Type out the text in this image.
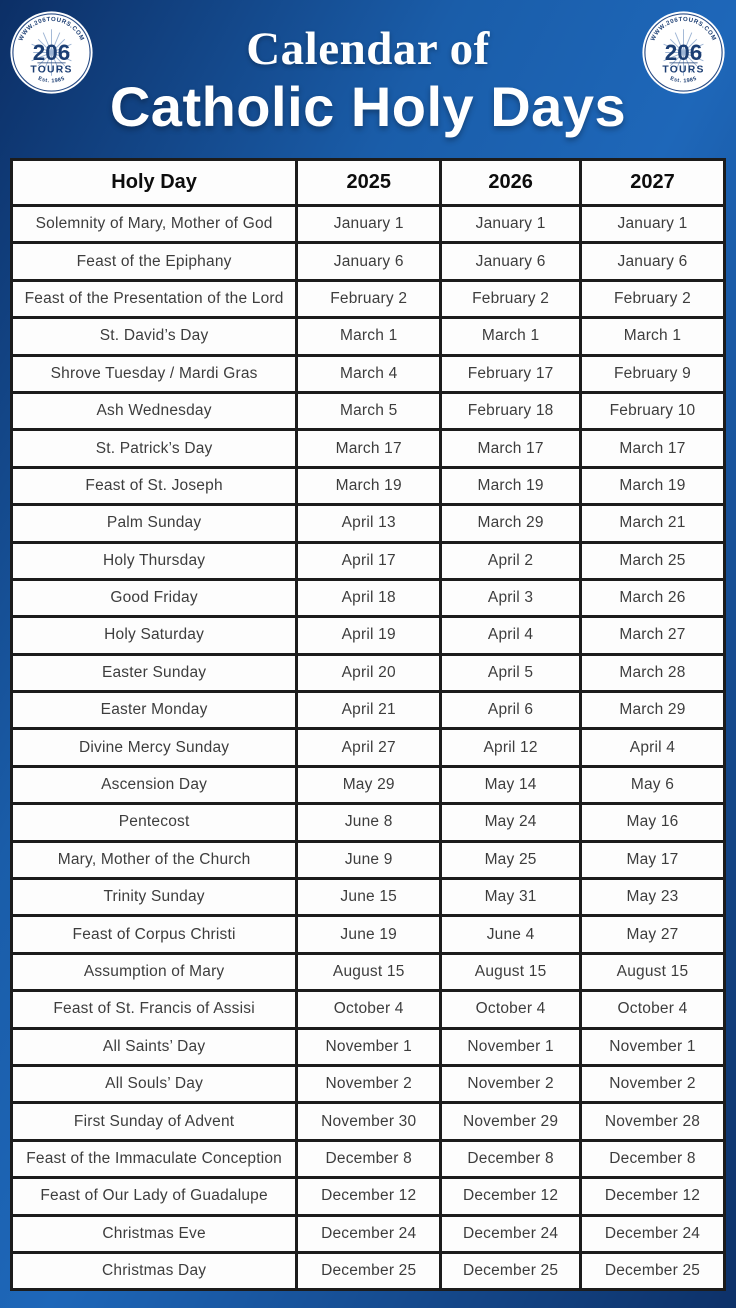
WWW.206TOURS.COM
206
TOURS
Est. 1985
WWW.206TOURS.COM
206
TOURS
Est. 1985
Calendar of
Catholic Holy Days
Holy Day	2025	2026	2027
Solemnity of Mary, Mother of God	January 1	January 1	January 1
Feast of the Epiphany	January 6	January 6	January 6
Feast of the Presentation of the Lord	February 2	February 2	February 2
St. David’s Day	March 1	March 1	March 1
Shrove Tuesday / Mardi Gras	March 4	February 17	February 9
Ash Wednesday	March 5	February 18	February 10
St. Patrick’s Day	March 17	March 17	March 17
Feast of St. Joseph	March 19	March 19	March 19
Palm Sunday	April 13	March 29	March 21
Holy Thursday	April 17	April 2	March 25
Good Friday	April 18	April 3	March 26
Holy Saturday	April 19	April 4	March 27
Easter Sunday	April 20	April 5	March 28
Easter Monday	April 21	April 6	March 29
Divine Mercy Sunday	April 27	April 12	April 4
Ascension Day	May 29	May 14	May 6
Pentecost	June 8	May 24	May 16
Mary, Mother of the Church	June 9	May 25	May 17
Trinity Sunday	June 15	May 31	May 23
Feast of Corpus Christi	June 19	June 4	May 27
Assumption of Mary	August 15	August 15	August 15
Feast of St. Francis of Assisi	October 4	October 4	October 4
All Saints’ Day	November 1	November 1	November 1
All Souls’ Day	November 2	November 2	November 2
First Sunday of Advent	November 30	November 29	November 28
Feast of the Immaculate Conception	December 8	December 8	December 8
Feast of Our Lady of Guadalupe	December 12	December 12	December 12
Christmas Eve	December 24	December 24	December 24
Christmas Day	December 25	December 25	December 25
